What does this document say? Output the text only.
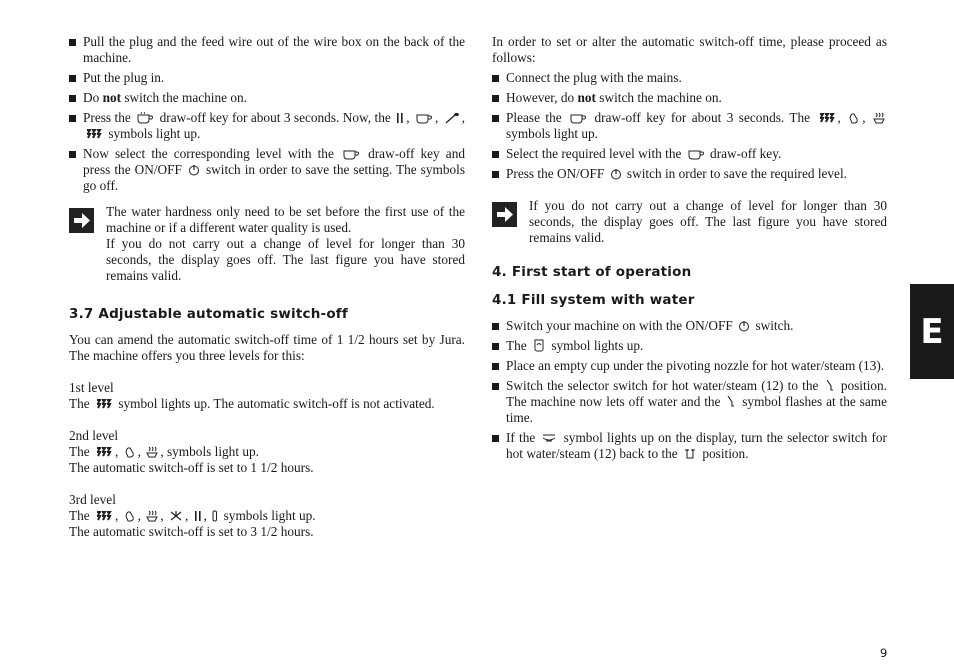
Pull the plug and the feed wire out of the wire box on the back of the machine.

Put the plug in.

Do not switch the machine on.

Press the draw-off key for about 3 seconds. Now, the ,
,
,
symbols light up.

Now select the corresponding level with the	draw-off key and press the ON/OFF switch in order to save the setting. The symbols go off.

The water hardness only need to be set before the first use of the machine or if a different water quality is used.

If you do not carry out a change of level for longer than 30 seconds, the display goes off. The last figure you have stored remains valid.

3.7 Adjustable automatic switch-off

You can amend the automatic switch-off time of 1 1/2 hours set by Jura. The machine offers you three levels for this:

1st level

The symbol lights up. The automatic switch-off is not activated.

2nd level

The ,
,
, symbols light up.

The automatic switch-off is set to 1 1/2 hours.

3rd level

The ,
,
,
,
,
symbols light up.

The automatic switch-off is set to 3 1/2 hours.

In order to set or alter the automatic switch-off time, please proceed as follows:

Connect the plug with the mains.

However, do not switch the machine on.

Please the draw-off key for about 3 seconds. The ,
,
symbols light up.

Select the required level with the draw-off key.

Press the ON/OFF switch in order to save the required level.

If you do not carry out a change of level for longer than 30 seconds, the display goes off. The last figure you have stored remains valid.

4. First start of operation
4.1 Fill system with water

Switch your machine on with the ON/OFF switch.

The symbol lights up.

Place an empty cup under the pivoting nozzle for hot water/steam (13).

Switch the selector switch for hot water/steam (12) to the position. The machine now lets off water and the symbol flashes at the same time.

If the symbol lights up on the display, turn the selector switch for hot water/steam (12) back to the position.

E
9
